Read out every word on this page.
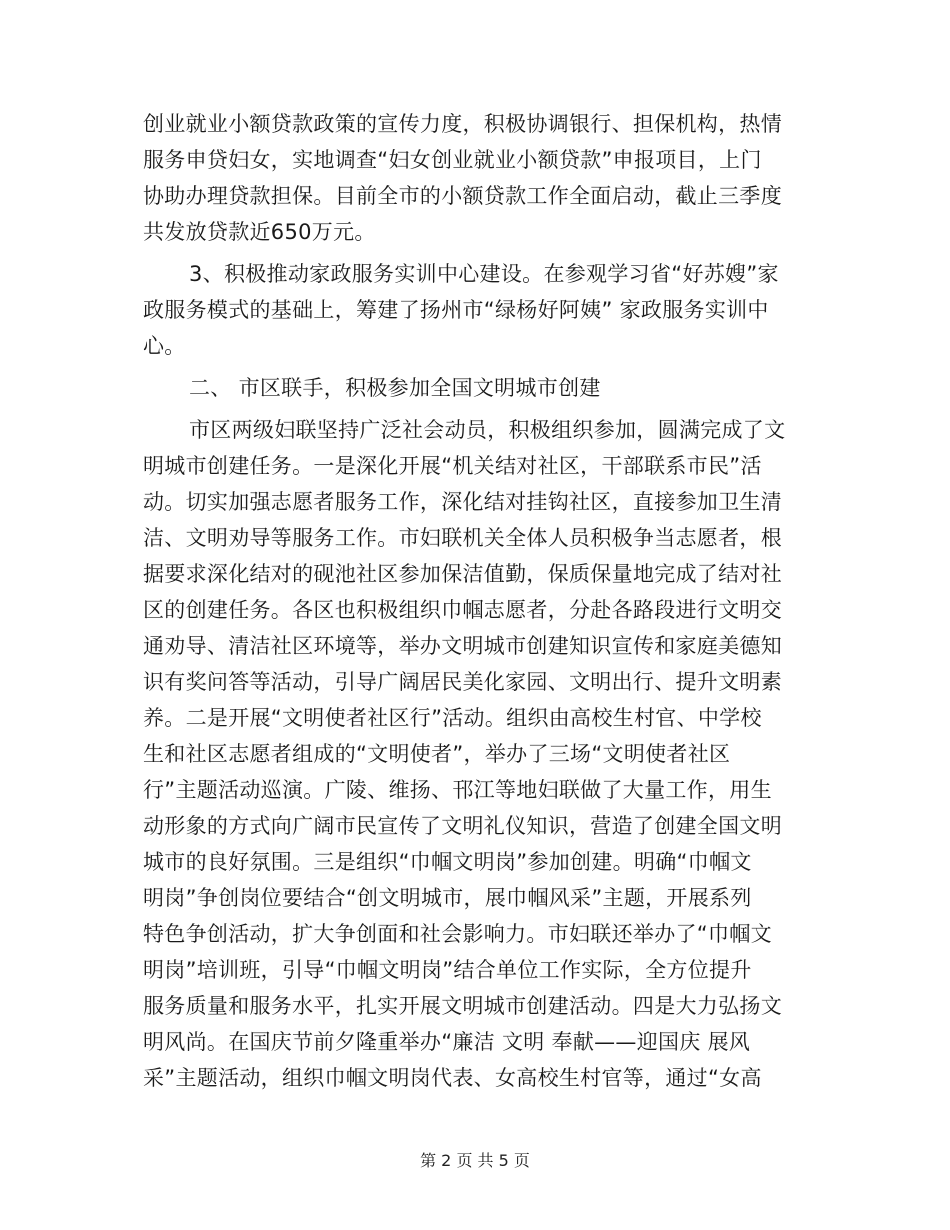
创业就业小额贷款政策的宣传力度，积极协调银行、担保机构，热情
服务申贷妇女，实地调查“妇女创业就业小额贷款”申报项目，上门
协助办理贷款担保。目前全市的小额贷款工作全面启动，截止三季度
共发放贷款近650万元。
3、积极推动家政服务实训中心建设。在参观学习省“好苏嫂”家
政服务模式的基础上，筹建了扬州市“绿杨好阿姨” 家政服务实训中
心。
二、 市区联手，积极参加全国文明城市创建
市区两级妇联坚持广泛社会动员，积极组织参加，圆满完成了文
明城市创建任务。一是深化开展“机关结对社区，干部联系市民”活
动。切实加强志愿者服务工作，深化结对挂钩社区，直接参加卫生清
洁、文明劝导等服务工作。市妇联机关全体人员积极争当志愿者，根
据要求深化结对的砚池社区参加保洁值勤，保质保量地完成了结对社
区的创建任务。各区也积极组织巾帼志愿者，分赴各路段进行文明交
通劝导、清洁社区环境等，举办文明城市创建知识宣传和家庭美德知
识有奖问答等活动，引导广阔居民美化家园、文明出行、提升文明素
养。二是开展“文明使者社区行”活动。组织由高校生村官、中学校
生和社区志愿者组成的“文明使者”，举办了三场“文明使者社区
行”主题活动巡演。广陵、维扬、邗江等地妇联做了大量工作，用生
动形象的方式向广阔市民宣传了文明礼仪知识，营造了创建全国文明
城市的良好氛围。三是组织“巾帼文明岗”参加创建。明确“巾帼文
明岗”争创岗位要结合“创文明城市，展巾帼风采”主题，开展系列
特色争创活动，扩大争创面和社会影响力。市妇联还举办了“巾帼文
明岗”培训班，引导“巾帼文明岗”结合单位工作实际，全方位提升
服务质量和服务水平，扎实开展文明城市创建活动。四是大力弘扬文
明风尚。在国庆节前夕隆重举办“廉洁 文明 奉献——迎国庆 展风
采”主题活动，组织巾帼文明岗代表、女高校生村官等，通过“女高
第 2 页 共 5 页
